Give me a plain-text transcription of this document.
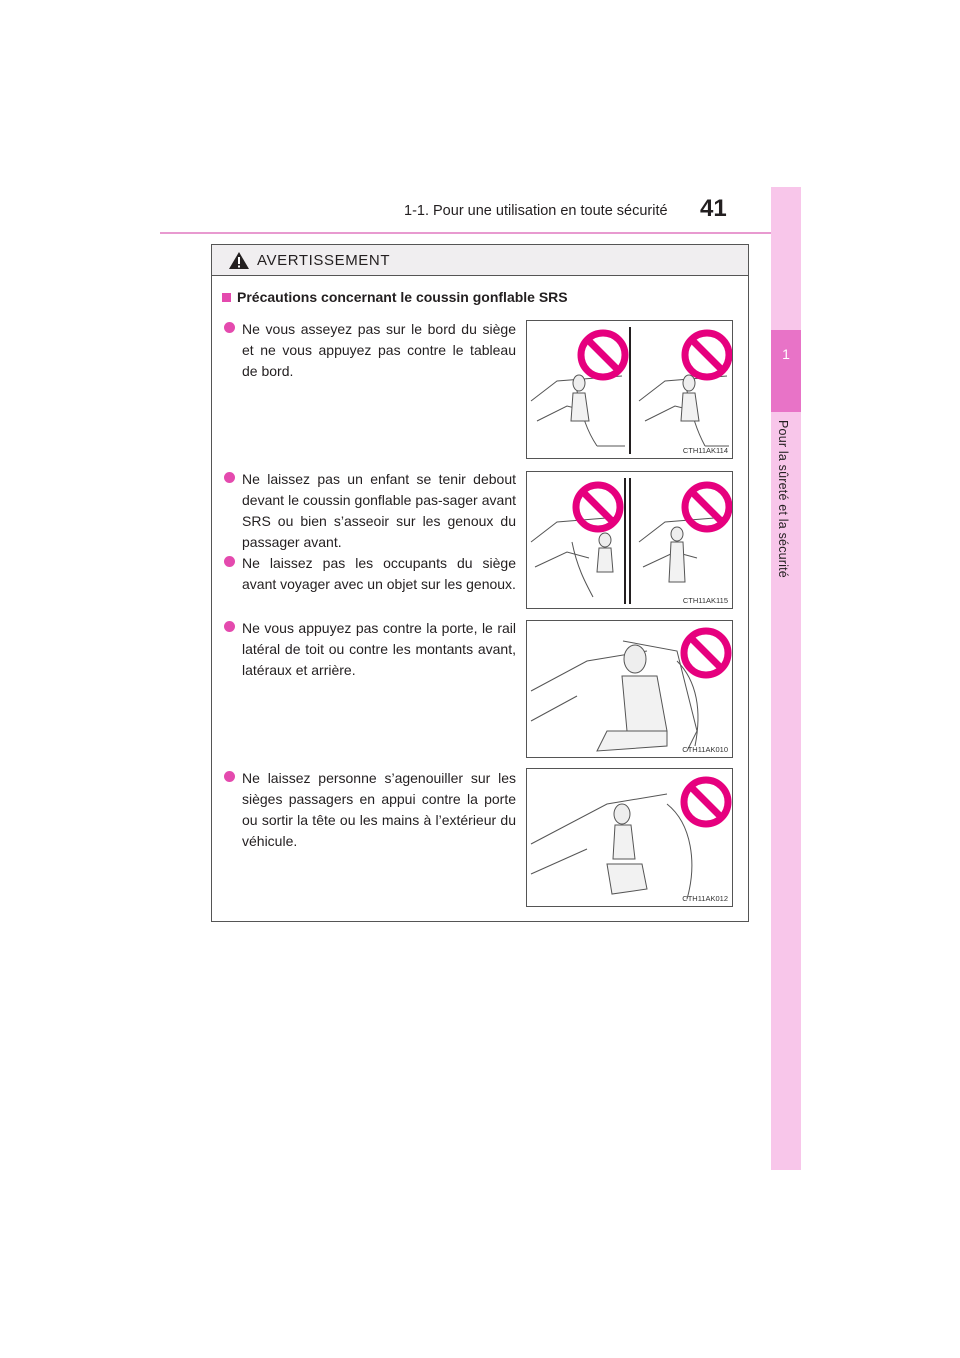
1-1. Pour une utilisation en toute sécurité 41
1
Pour la sûreté et la sécurité
AVERTISSEMENT
Précautions concernant le coussin gonflable SRS
Ne vous asseyez pas sur le bord du siège et ne vous appuyez pas contre le tableau de bord.
Ne laissez pas un enfant se tenir debout devant le coussin gonflable pas-sager avant SRS ou bien s’asseoir sur les genoux du passager avant.
Ne laissez pas les occupants du siège avant voyager avec un objet sur les genoux.
Ne vous appuyez pas contre la porte, le rail latéral de toit ou contre les montants avant, latéraux et arrière.
Ne laissez personne s’agenouiller sur les sièges passagers en appui contre la porte ou sortir la tête ou les mains à l’extérieur du véhicule.
CTH11AK114
CTH11AK115
CTH11AK010
CTH11AK012
